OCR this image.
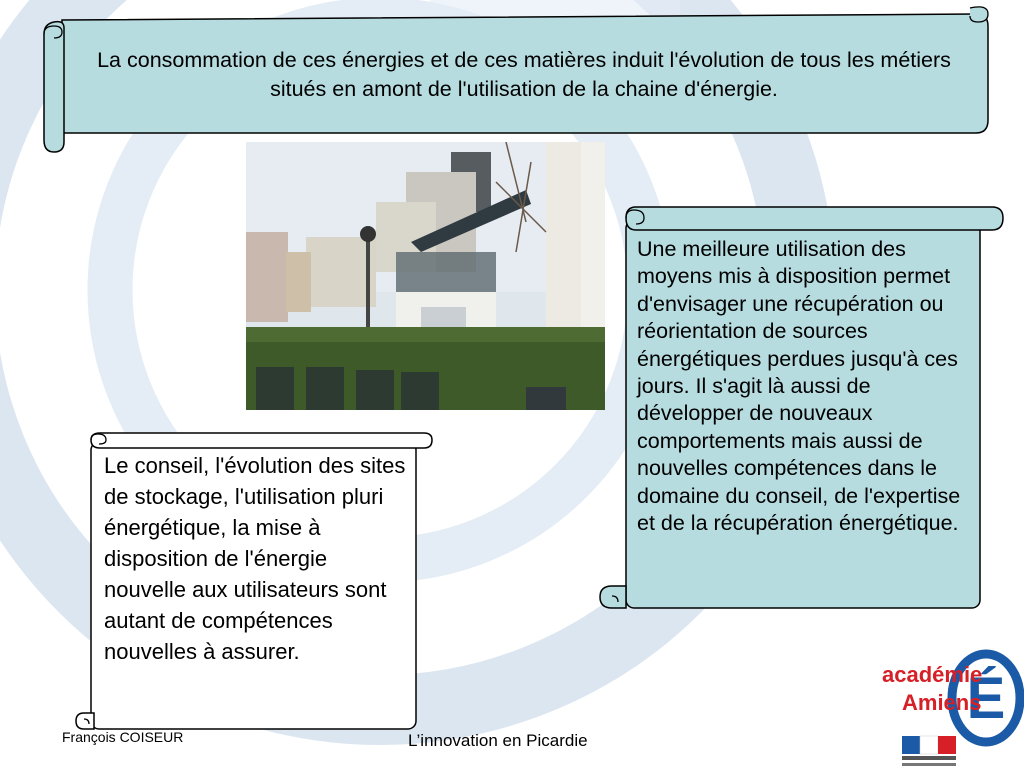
La consommation de ces énergies et de ces matières induit l'évolution de tous les métiers situés en amont de l'utilisation de la chaine d'énergie.

Une meilleure utilisation des moyens mis à disposition permet d'envisager une récupération ou réorientation de sources énergétiques perdues jusqu'à ces jours. Il s'agit là aussi de développer de nouveaux comportements mais aussi de nouvelles compétences dans le domaine du conseil, de l'expertise et de la récupération énergétique.

Le conseil, l'évolution des sites de stockage, l'utilisation pluri énergétique, la mise à disposition de l'énergie nouvelle aux utilisateurs sont autant de compétences nouvelles à assurer.

François COISEUR	L’innovation en Picardie
É
académie
Amiens
